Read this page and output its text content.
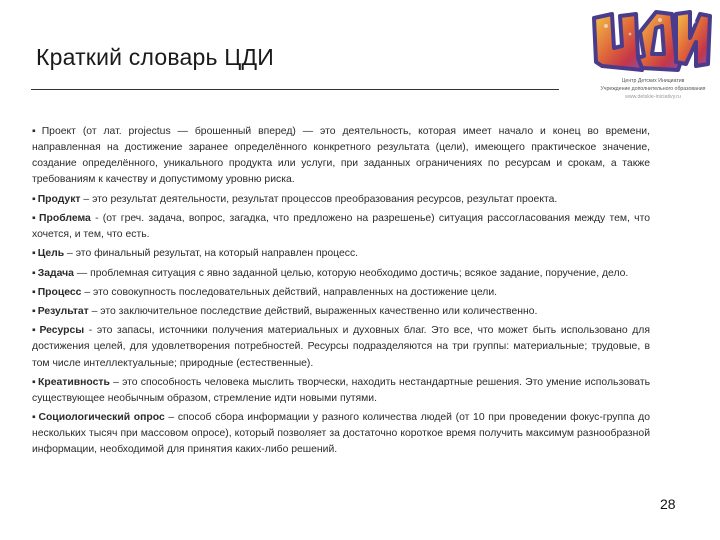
Краткий словарь ЦДИ
Центр Детских Инициатив
Учреждение дополнительного образования
www.detskie-iniciativy.ru
▪ Проект (от лат. projectus — брошенный вперед) — это деятельность, которая имеет начало и конец во времени, направленная на достижение заранее определённого конкретного результата (цели), имеющего практическое значение, создание определённого, уникального продукта или услуги, при заданных ограничениях по ресурсам и срокам, а также требованиям к качеству и допустимому уровню риска.
▪ Продукт – это результат деятельности, результат процессов преобразования ресурсов, результат проекта.
▪ Проблема - (от греч. задача, вопрос, загадка, что предложено на разрешенье) ситуация рассогласования между тем, что хочется, и тем, что есть.
▪ Цель – это финальный результат, на который направлен процесс.
▪ Задача — проблемная ситуация с явно заданной целью, которую необходимо достичь; всякое задание, поручение, дело.
▪ Процесс – это совокупность последовательных действий, направленных на достижение цели.
▪ Результат – это заключительное последствие действий, выраженных качественно или количественно.
▪ Ресурсы - это запасы, источники получения материальных и духовных благ. Это все, что может быть использовано для достижения целей, для удовлетворения потребностей. Ресурсы подразделяются на три группы: материальные; трудовые, в том числе интеллектуальные; природные (естественные).
▪ Креативность – это способность человека мыслить творчески, находить нестандартные решения. Это умение использовать существующее необычным образом, стремление идти новыми путями.
▪ Социологический опрос – способ сбора информации у разного количества людей (от 10 при проведении фокус-группа до нескольких тысяч при массовом опросе), который позволяет за достаточно короткое время получить максимум разнообразной информации, необходимой для принятия каких-либо решений.
28
